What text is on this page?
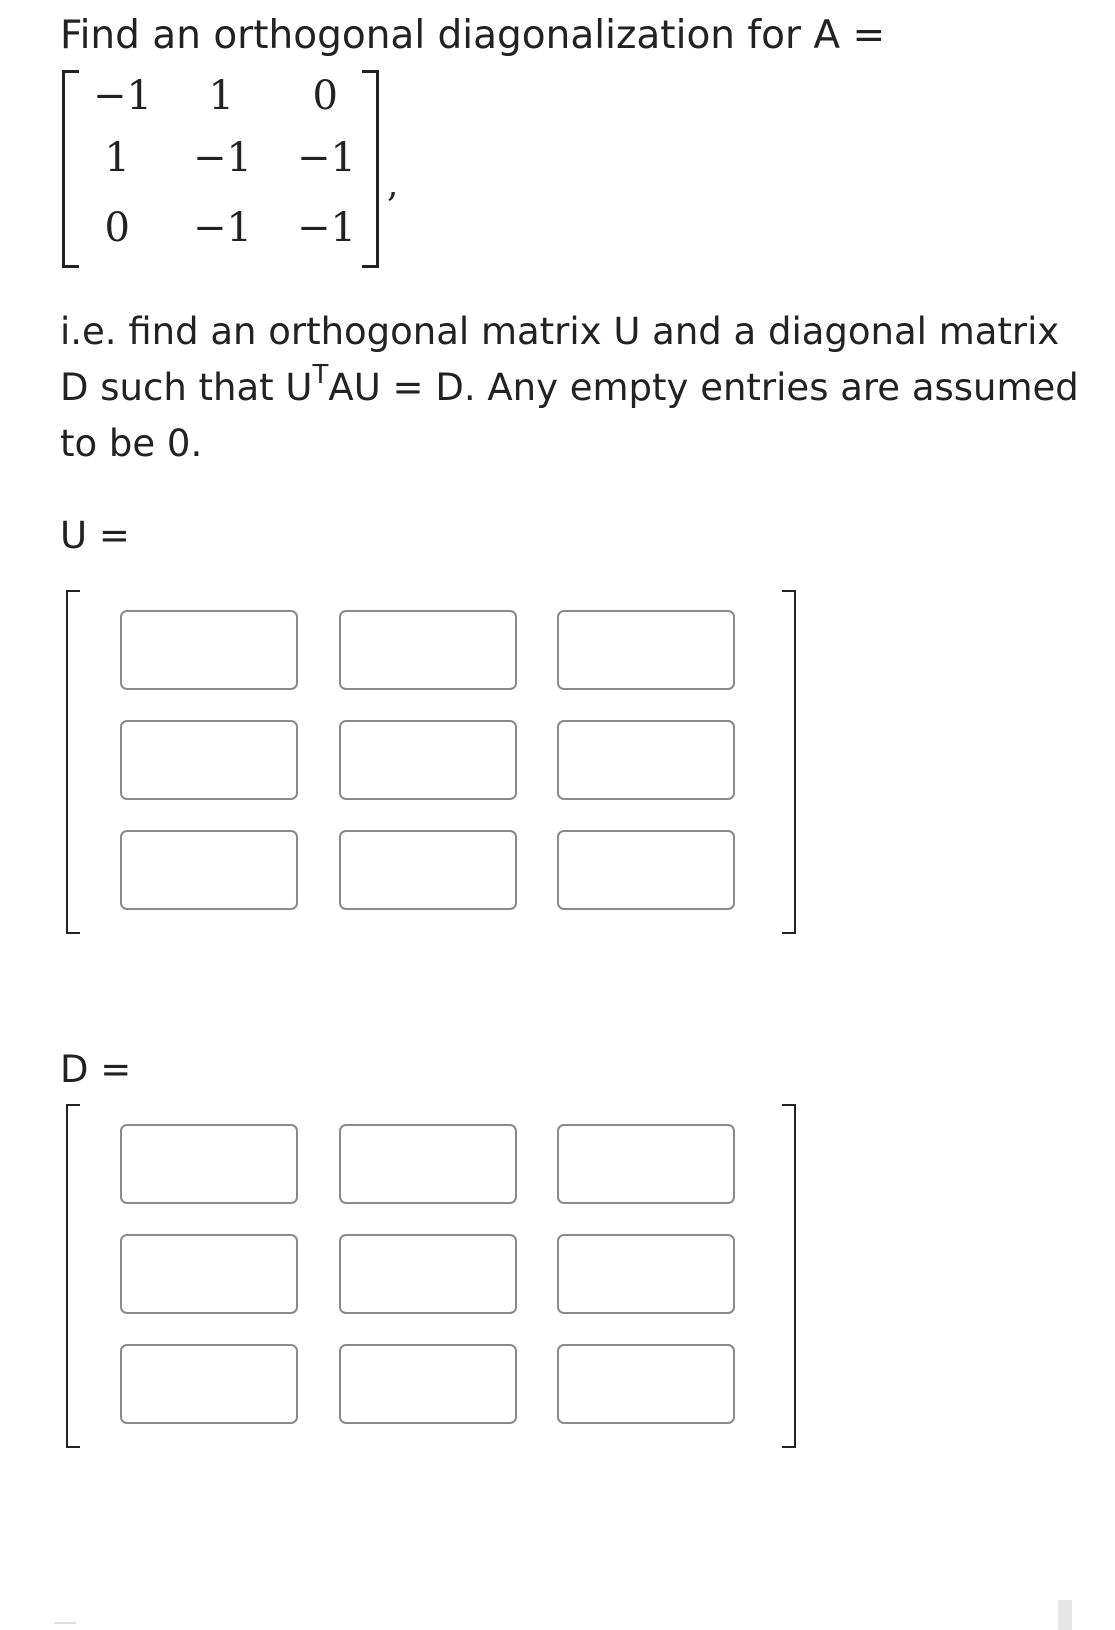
Find an orthogonal diagonalization for A =
−1	1	0
1	−1	−1
0	−1	−1
,
i.e. find an orthogonal matrix U and a diagonal matrix D such that $U^TAU = D$. Any empty entries are assumed to be 0.
U =
D =
